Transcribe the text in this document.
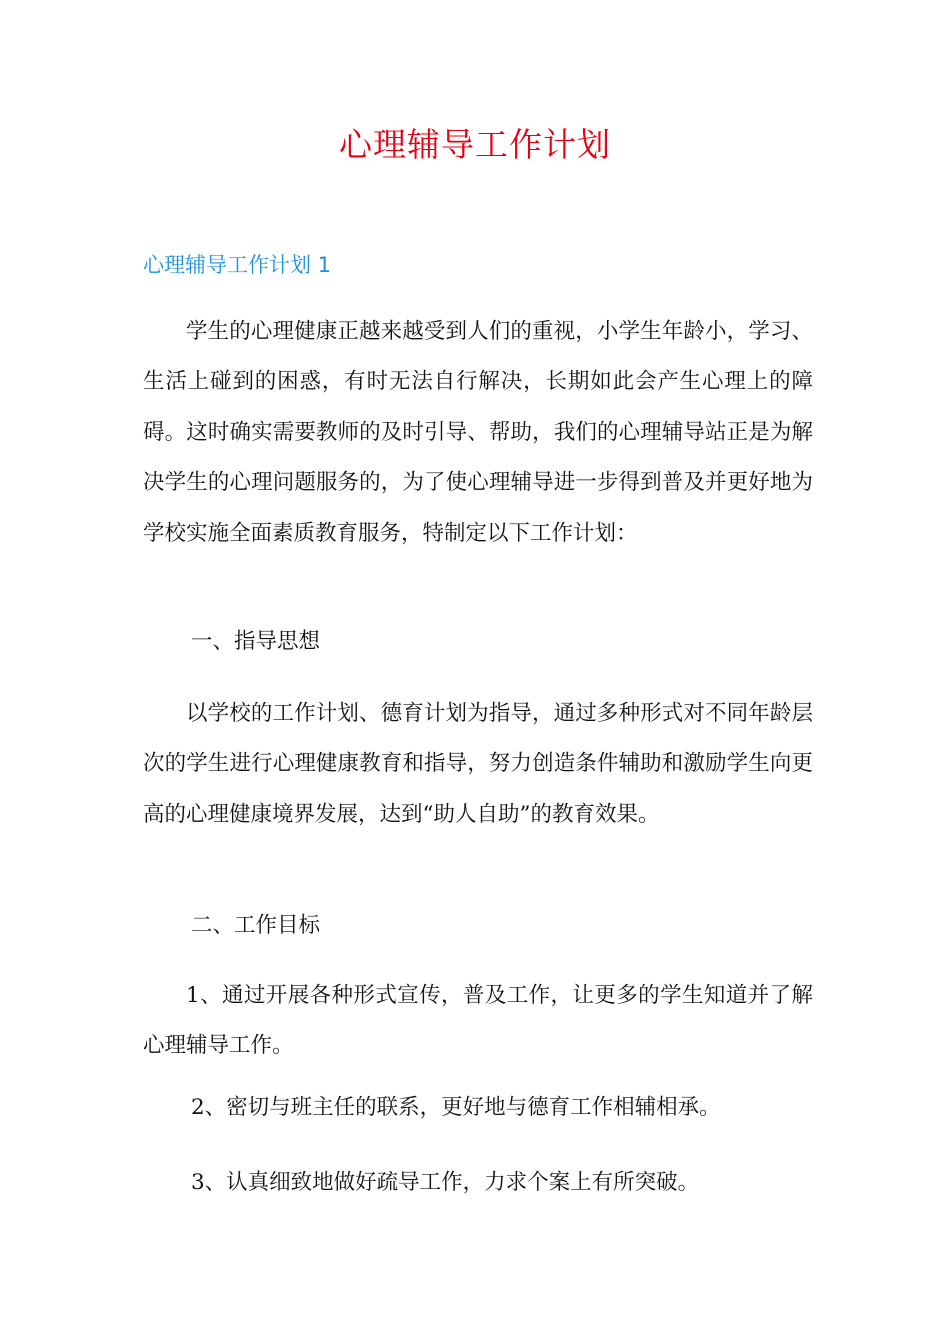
心理辅导工作计划
心理辅导工作计划 1

学生的心理健康正越来越受到人们的重视，小学生年龄小，学习、生活上碰到的困惑，有时无法自行解决，长期如此会产生心理上的障碍。这时确实需要教师的及时引导、帮助，我们的心理辅导站正是为解决学生的心理问题服务的，为了使心理辅导进一步得到普及并更好地为学校实施全面素质教育服务，特制定以下工作计划：

一、指导思想

以学校的工作计划、德育计划为指导，通过多种形式对不同年龄层次的学生进行心理健康教育和指导，努力创造条件辅助和激励学生向更高的心理健康境界发展，达到“助人自助”的教育效果。

二、工作目标

1、通过开展各种形式宣传，普及工作，让更多的学生知道并了解心理辅导工作。

2、密切与班主任的联系，更好地与德育工作相辅相承。

3、认真细致地做好疏导工作，力求个案上有所突破。
